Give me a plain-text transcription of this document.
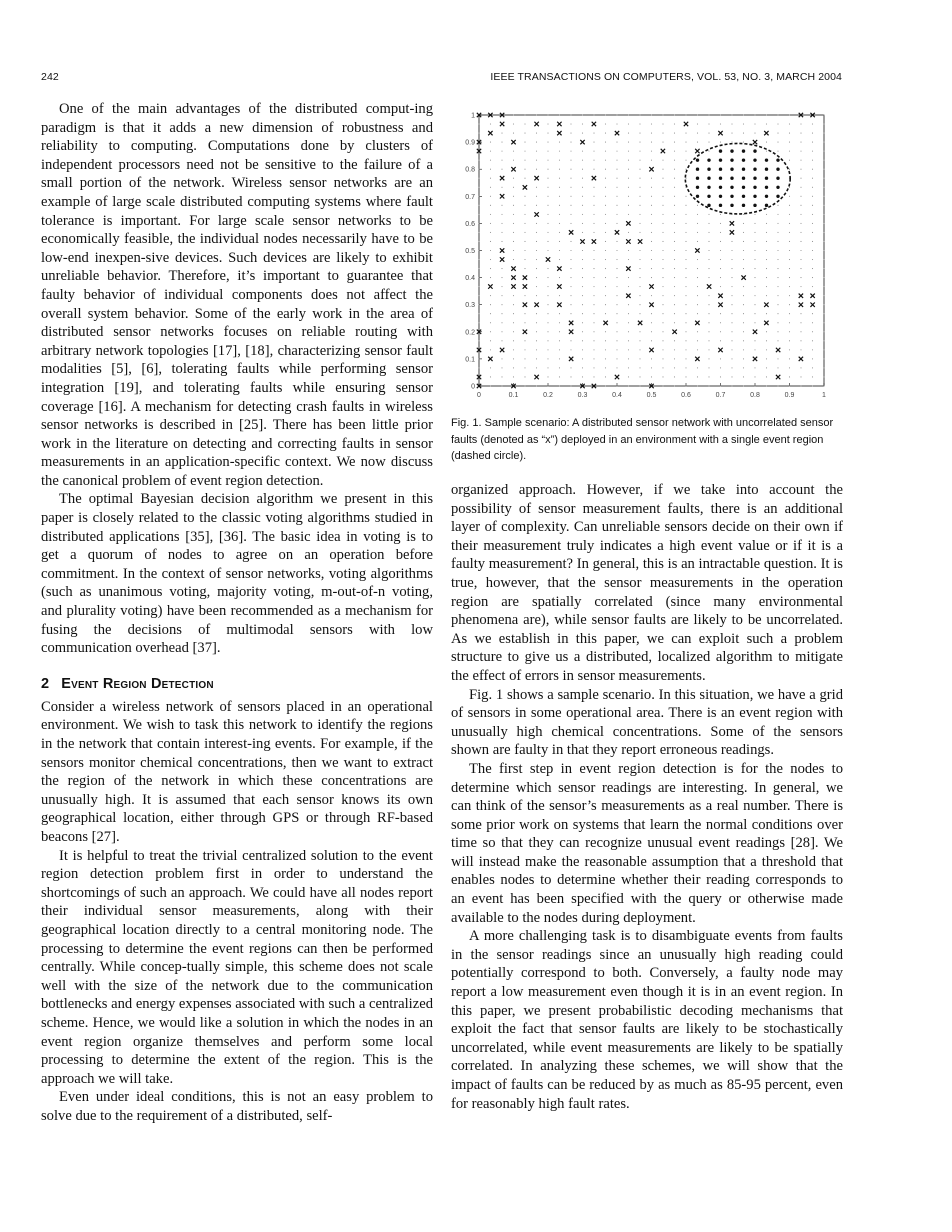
242	IEEE TRANSACTIONS ON COMPUTERS, VOL. 53, NO. 3, MARCH 2004

One of the main advantages of the distributed comput-ing paradigm is that it adds a new dimension of robustness and reliability to computing. Computations done by clusters of independent processors need not be sensitive to the failure of a small portion of the network. Wireless sensor networks are an example of large scale distributed computing systems where fault tolerance is important. For large scale sensor networks to be economically feasible, the individual nodes necessarily have to be low-end inexpen-sive devices. Such devices are likely to exhibit unreliable behavior. Therefore, it’s important to guarantee that faulty behavior of individual components does not affect the overall system behavior. Some of the early work in the area of distributed sensor networks focuses on reliable routing with arbitrary network topologies [17], [18], characterizing sensor fault modalities [5], [6], tolerating faults while performing sensor integration [19], and tolerating faults while ensuring sensor coverage [16]. A mechanism for detecting crash faults in wireless sensor networks is described in [25]. There has been little prior work in the literature on detecting and correcting faults in sensor measurements in an application-specific context. We now discuss the canonical problem of event region detection.

The optimal Bayesian decision algorithm we present in this paper is closely related to the classic voting algorithms studied in distributed applications [35], [36]. The basic idea in voting is to get a quorum of nodes to agree on an operation before commitment. In the context of sensor networks, voting algorithms (such as unanimous voting, majority voting, m-out-of-n voting, and plurality voting) have been recommended as a mechanism for fusing the decisions of multimodal sensors with low communication overhead [37].

2 Event Region Detection

Consider a wireless network of sensors placed in an operational environment. We wish to task this network to identify the regions in the network that contain interest-ing events. For example, if the sensors monitor chemical concentrations, then we want to extract the region of the network in which these concentrations are unusually high. It is assumed that each sensor knows its own geographical location, either through GPS or through RF-based beacons [27].

It is helpful to treat the trivial centralized solution to the event region detection problem first in order to understand the shortcomings of such an approach. We could have all nodes report their individual sensor measurements, along with their geographical location directly to a central monitoring node. The processing to determine the event regions can then be performed centrally. While concep-tually simple, this scheme does not scale well with the size of the network due to the communication bottlenecks and energy expenses associated with such a centralized scheme. Hence, we would like a solution in which the nodes in an event region organize themselves and perform some local processing to determine the extent of the region. This is the approach we will take.

Even under ideal conditions, this is not an easy problem to solve due to the requirement of a distributed, self-

0	0.1	0.2	0.3	0.4	0.5	0.6	0.7	0.8	0.9	1
0
0.1
0.2
0.3
0.4
0.5
0.6
0.7
0.8
0.9
1
Fig. 1. Sample scenario: A distributed sensor network with uncorrelated sensor faults (denoted as “x”) deployed in an environment with a single event region (dashed circle).

organized approach. However, if we take into account the possibility of sensor measurement faults, there is an additional layer of complexity. Can unreliable sensors decide on their own if their measurement truly indicates a high event value or if it is a faulty measurement? In general, this is an intractable question. It is true, however, that the sensor measurements in the operation region are spatially correlated (since many environmental phenomena are), while sensor faults are likely to be uncorrelated. As we establish in this paper, we can exploit such a problem structure to give us a distributed, localized algorithm to mitigate the effect of errors in sensor measurements.

Fig. 1 shows a sample scenario. In this situation, we have a grid of sensors in some operational area. There is an event region with unusually high chemical concentrations. Some of the sensors shown are faulty in that they report erroneous readings.

The first step in event region detection is for the nodes to determine which sensor readings are interesting. In general, we can think of the sensor’s measurements as a real number. There is some prior work on systems that learn the normal conditions over time so that they can recognize unusual event readings [28]. We will instead make the reasonable assumption that a threshold that enables nodes to determine whether their reading corresponds to an event has been specified with the query or otherwise made available to the nodes during deployment.

A more challenging task is to disambiguate events from faults in the sensor readings since an unusually high reading could potentially correspond to both. Conversely, a faulty node may report a low measurement even though it is in an event region. In this paper, we present probabilistic decoding mechanisms that exploit the fact that sensor faults are likely to be stochastically uncorrelated, while event measurements are likely to be spatially correlated. In analyzing these schemes, we will show that the impact of faults can be reduced by as much as 85-95 percent, even for reasonably high fault rates.
